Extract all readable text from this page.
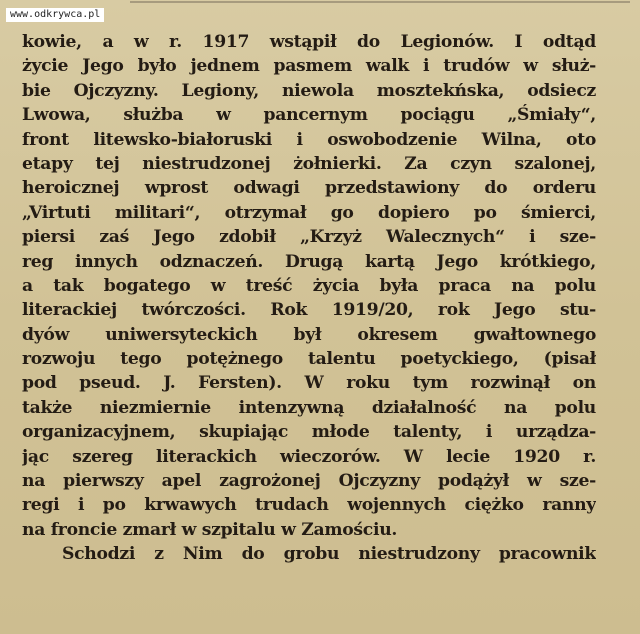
www.odkrywca.pl
kowie, a w r. 1917 wstąpił do Legionów. I odtąd
życie Jego było jednem pasmem walk i trudów w służ-
bie Ojczyzny. Legiony, niewola mosztekńska, odsiecz
Lwowa, służba w pancernym pociągu „Śmiały“,
front litewsko-białoruski i oswobodzenie Wilna, oto
etapy tej niestrudzonej żołnierki. Za czyn szalonej,
heroicznej wprost odwagi przedstawiony do orderu
„Virtuti militari“, otrzymał go dopiero po śmierci,
piersi zaś Jego zdobił „Krzyż Walecznych“ i sze-
reg innych odznaczeń. Drugą kartą Jego krótkiego,
a tak bogatego w treść życia była praca na polu
literackiej twórczości. Rok 1919/20, rok Jego stu-
dyów uniwersyteckich był okresem gwałtownego
rozwoju tego potężnego talentu poetyckiego, (pisał
pod pseud. J. Fersten). W roku tym rozwinął on
także niezmiernie intenzywną działalność na polu
organizacyjnem, skupiając młode talenty, i urządza-
jąc szereg literackich wieczorów. W lecie 1920 r.
na pierwszy apel zagrożonej Ojczyzny podążył w sze-
regi i po krwawych trudach wojennych ciężko ranny
na froncie zmarł w szpitalu w Zamościu.
Schodzi z Nim do grobu niestrudzony pracownik
